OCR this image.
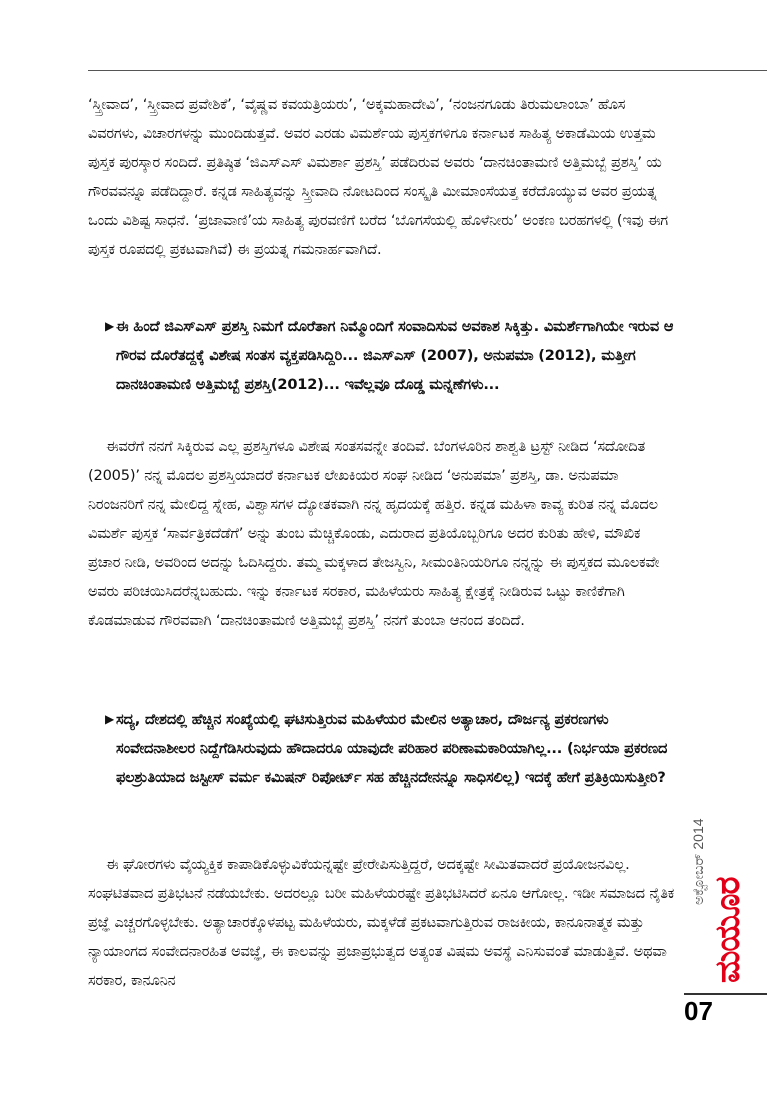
‘ಸ್ತ್ರೀವಾದ’, ‘ಸ್ತ್ರೀವಾದ ಪ್ರವೇಶಿಕೆ’, ‘ವೈಷ್ಣವ ಕವಯತ್ರಿಯರು’, ‘ಅಕ್ಕಮಹಾದೇವಿ’, ‘ನಂಜನಗೂಡು ತಿರುಮಲಾಂಬಾ’ ಹೊಸ ವಿವರಗಳು, ವಿಚಾರಗಳನ್ನು ಮುಂದಿಡುತ್ತವೆ. ಅವರ ಎರಡು ವಿಮರ್ಶೆಯ ಪುಸ್ತಕಗಳಿಗೂ ಕರ್ನಾಟಕ ಸಾಹಿತ್ಯ ಅಕಾಡೆಮಿಯ ಉತ್ತಮ ಪುಸ್ತಕ ಪುರಸ್ಕಾರ ಸಂದಿದೆ. ಪ್ರತಿಷ್ಠಿತ ‘ಜಿಎಸ್ಎಸ್ ವಿಮರ್ಶಾ ಪ್ರಶಸ್ತಿ’ ಪಡೆದಿರುವ ಅವರು ‘ದಾನಚಿಂತಾಮಣಿ ಅತ್ತಿಮಬ್ಬೆ ಪ್ರಶಸ್ತಿ’ ಯ ಗೌರವವನ್ನೂ ಪಡೆದಿದ್ದಾರೆ. ಕನ್ನಡ ಸಾಹಿತ್ಯವನ್ನು ಸ್ತ್ರೀವಾದಿ ನೋಟದಿಂದ ಸಂಸ್ಕೃತಿ ಮೀಮಾಂಸೆಯತ್ತ ಕರೆದೊಯ್ಯುವ ಅವರ ಪ್ರಯತ್ನ ಒಂದು ವಿಶಿಷ್ಟ ಸಾಧನೆ. ‘ಪ್ರಜಾವಾಣಿ’ಯ ಸಾಹಿತ್ಯ ಪುರವಣಿಗೆ ಬರೆದ ‘ಬೊಗಸೆಯಲ್ಲಿ ಹೊಳೆನೀರು’ ಅಂಕಣ ಬರಹಗಳಲ್ಲಿ (ಇವು ಈಗ ಪುಸ್ತಕ ರೂಪದಲ್ಲಿ ಪ್ರಕಟವಾಗಿವೆ) ಈ ಪ್ರಯತ್ನ ಗಮನಾರ್ಹವಾಗಿದೆ.

▶ ಈ ಹಿಂದೆ ಜಿಎಸ್ಎಸ್ ಪ್ರಶಸ್ತಿ ನಿಮಗೆ ದೊರೆತಾಗ ನಿಮ್ಮೊಂದಿಗೆ ಸಂವಾದಿಸುವ ಅವಕಾಶ ಸಿಕ್ಕಿತ್ತು. ವಿಮರ್ಶೆಗಾಗಿಯೇ ಇರುವ ಆ ಗೌರವ ದೊರೆತದ್ದಕ್ಕೆ ವಿಶೇಷ ಸಂತಸ ವ್ಯಕ್ತಪಡಿಸಿದ್ದಿರಿ... ಜಿಎಸ್ಎಸ್ (2007), ಅನುಪಮಾ (2012), ಮತ್ತೀಗ ದಾನಚಿಂತಾಮಣಿ ಅತ್ತಿಮಬ್ಬೆ ಪ್ರಶಸ್ತಿ(2012)... ಇವೆಲ್ಲವೂ ದೊಡ್ಡ ಮನ್ನಣೆಗಳು...

ಈವರೆಗೆ ನನಗೆ ಸಿಕ್ಕಿರುವ ಎಲ್ಲ ಪ್ರಶಸ್ತಿಗಳೂ ವಿಶೇಷ ಸಂತಸವನ್ನೇ ತಂದಿವೆ. ಬೆಂಗಳೂರಿನ ಶಾಶ್ವತಿ ಟ್ರಸ್ಟ್ ನೀಡಿದ ‘ಸದೋದಿತ (2005)’ ನನ್ನ ಮೊದಲ ಪ್ರಶಸ್ತಿಯಾದರೆ ಕರ್ನಾಟಕ ಲೇಖಕಿಯರ ಸಂಘ ನೀಡಿದ ‘ಅನುಪಮಾ’ ಪ್ರಶಸ್ತಿ, ಡಾ. ಅನುಪಮಾ ನಿರಂಜನರಿಗೆ ನನ್ನ ಮೇಲಿದ್ದ ಸ್ನೇಹ, ವಿಶ್ವಾಸಗಳ ದ್ಯೋತಕವಾಗಿ ನನ್ನ ಹೃದಯಕ್ಕೆ ಹತ್ತಿರ. ಕನ್ನಡ ಮಹಿಳಾ ಕಾವ್ಯ ಕುರಿತ ನನ್ನ ಮೊದಲ ವಿಮರ್ಶೆ ಪುಸ್ತಕ ‘ಸಾರ್ವತ್ರಿಕದೆಡೆಗೆ’ ಅನ್ನು ತುಂಬ ಮೆಚ್ಚಿಕೊಂಡು, ಎದುರಾದ ಪ್ರತಿಯೊಬ್ಬರಿಗೂ ಅದರ ಕುರಿತು ಹೇಳಿ, ಮೌಖಿಕ ಪ್ರಚಾರ ನೀಡಿ, ಅವರಿಂದ ಅದನ್ನು ಓದಿಸಿದ್ದರು. ತಮ್ಮ ಮಕ್ಕಳಾದ ತೇಜಸ್ವಿನಿ, ಸೀಮಂತಿನಿಯರಿಗೂ ನನ್ನನ್ನು ಈ ಪುಸ್ತಕದ ಮೂಲಕವೇ ಅವರು ಪರಿಚಯಿಸಿದರೆನ್ನಬಹುದು. ಇನ್ನು ಕರ್ನಾಟಕ ಸರಕಾರ, ಮಹಿಳೆಯರು ಸಾಹಿತ್ಯ ಕ್ಷೇತ್ರಕ್ಕೆ ನೀಡಿರುವ ಒಟ್ಟು ಕಾಣಿಕೆಗಾಗಿ ಕೊಡಮಾಡುವ ಗೌರವವಾಗಿ ‘ದಾನಚಿಂತಾಮಣಿ ಅತ್ತಿಮಬ್ಬೆ ಪ್ರಶಸ್ತಿ’ ನನಗೆ ತುಂಬಾ ಆನಂದ ತಂದಿದೆ.

▶ ಸದ್ಯ, ದೇಶದಲ್ಲಿ ಹೆಚ್ಚಿನ ಸಂಖ್ಯೆಯಲ್ಲಿ ಘಟಿಸುತ್ತಿರುವ ಮಹಿಳೆಯರ ಮೇಲಿನ ಅತ್ಯಾಚಾರ, ದೌರ್ಜನ್ಯ ಪ್ರಕರಣಗಳು ಸಂವೇದನಾಶೀಲರ ನಿದ್ದೆಗೆಡಿಸಿರುವುದು ಹೌದಾದರೂ ಯಾವುದೇ ಪರಿಹಾರ ಪರಿಣಾಮಕಾರಿಯಾಗಿಲ್ಲ... (ನಿರ್ಭಯಾ ಪ್ರಕರಣದ ಫಲಶ್ರುತಿಯಾದ ಜಸ್ಟೀಸ್ ವರ್ಮ ಕಮಿಷನ್ ರಿಪೋರ್ಟ್ ಸಹ ಹೆಚ್ಚಿನದೇನನ್ನೂ ಸಾಧಿಸಲಿಲ್ಲ) ಇದಕ್ಕೆ ಹೇಗೆ ಪ್ರತಿಕ್ರಿಯಿಸುತ್ತೀರಿ?

ಈ ಘೋರಗಳು ವೈಯ್ಯಕ್ತಿಕ ಕಾಪಾಡಿಕೊಳ್ಳುವಿಕೆಯನ್ನಷ್ಟೇ ಪ್ರೇರೇಪಿಸುತ್ತಿದ್ದರೆ, ಅದಕ್ಕಷ್ಟೇ ಸೀಮಿತವಾದರೆ ಪ್ರಯೋಜನವಿಲ್ಲ. ಸಂಘಟಿತವಾದ ಪ್ರತಿಭಟನೆ ನಡೆಯಬೇಕು. ಅದರಲ್ಲೂ ಬರೀ ಮಹಿಳೆಯರಷ್ಟೇ ಪ್ರತಿಭಟಿಸಿದರೆ ಏನೂ ಆಗೋಲ್ಲ. ಇಡೀ ಸಮಾಜದ ನೈತಿಕ ಪ್ರಜ್ಞೆ ಎಚ್ಚರಗೊಳ್ಳಬೇಕು. ಅತ್ಯಾಚಾರಕ್ಕೊಳಪಟ್ಟ ಮಹಿಳೆಯರು, ಮಕ್ಕಳೆಡೆ ಪ್ರಕಟವಾಗುತ್ತಿರುವ ರಾಜಕೀಯ, ಕಾನೂನಾತ್ಮಕ ಮತ್ತು ನ್ಯಾಯಾಂಗದ ಸಂವೇದನಾರಹಿತ ಅವಜ್ಞೆ, ಈ ಕಾಲವನ್ನು ಪ್ರಜಾಪ್ರಭುತ್ವದ ಅತ್ಯಂತ ವಿಷಮ ಅವಸ್ಥೆ ಎನಿಸುವಂತೆ ಮಾಡುತ್ತಿವೆ. ಅಥವಾ ಸರಕಾರ, ಕಾನೂನಿನ

ಅಕ್ಟೋಬರ್ 2014
ಮಯೂರ
07
